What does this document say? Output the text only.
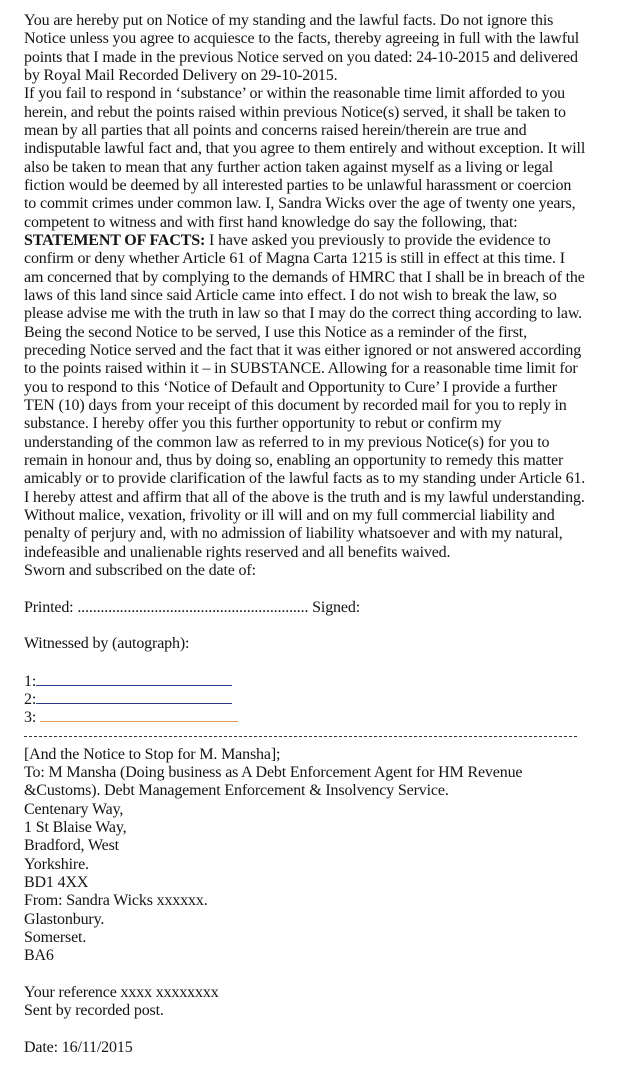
You are hereby put on Notice of my standing and the lawful facts. Do not ignore this
Notice unless you agree to acquiesce to the facts, thereby agreeing in full with the lawful
points that I made in the previous Notice served on you dated: 24-10-2015 and delivered
by Royal Mail Recorded Delivery on 29-10-2015.
If you fail to respond in ‘substance’ or within the reasonable time limit afforded to you
herein, and rebut the points raised within previous Notice(s) served, it shall be taken to
mean by all parties that all points and concerns raised herein/therein are true and
indisputable lawful fact and, that you agree to them entirely and without exception. It will
also be taken to mean that any further action taken against myself as a living or legal
fiction would be deemed by all interested parties to be unlawful harassment or coercion
to commit crimes under common law. I, Sandra Wicks over the age of twenty one years,
competent to witness and with first hand knowledge do say the following, that:
STATEMENT OF FACTS: I have asked you previously to provide the evidence to
confirm or deny whether Article 61 of Magna Carta 1215 is still in effect at this time. I
am concerned that by complying to the demands of HMRC that I shall be in breach of the
laws of this land since said Article came into effect. I do not wish to break the law, so
please advise me with the truth in law so that I may do the correct thing according to law.
Being the second Notice to be served, I use this Notice as a reminder of the first,
preceding Notice served and the fact that it was either ignored or not answered according
to the points raised within it – in SUBSTANCE. Allowing for a reasonable time limit for
you to respond to this ‘Notice of Default and Opportunity to Cure’ I provide a further
TEN (10) days from your receipt of this document by recorded mail for you to reply in
substance. I hereby offer you this further opportunity to rebut or confirm my
understanding of the common law as referred to in my previous Notice(s) for you to
remain in honour and, thus by doing so, enabling an opportunity to remedy this matter
amicably or to provide clarification of the lawful facts as to my standing under Article 61.
I hereby attest and affirm that all of the above is the truth and is my lawful understanding.
Without malice, vexation, frivolity or ill will and on my full commercial liability and
penalty of perjury and, with no admission of liability whatsoever and with my natural,
indefeasible and unalienable rights reserved and all benefits waived.
Sworn and subscribed on the date of:
Printed: ............................................................ Signed:
Witnessed by (autograph):
1:
2:
3:
[And the Notice to Stop for M. Mansha];
To: M Mansha (Doing business as A Debt Enforcement Agent for HM Revenue
&Customs). Debt Management Enforcement & Insolvency Service.
Centenary Way,
1 St Blaise Way,
Bradford, West
Yorkshire.
BD1 4XX
From: Sandra Wicks xxxxxx.
Glastonbury.
Somerset.
BA6
Your reference xxxx xxxxxxxx
Sent by recorded post.
Date: 16/11/2015
